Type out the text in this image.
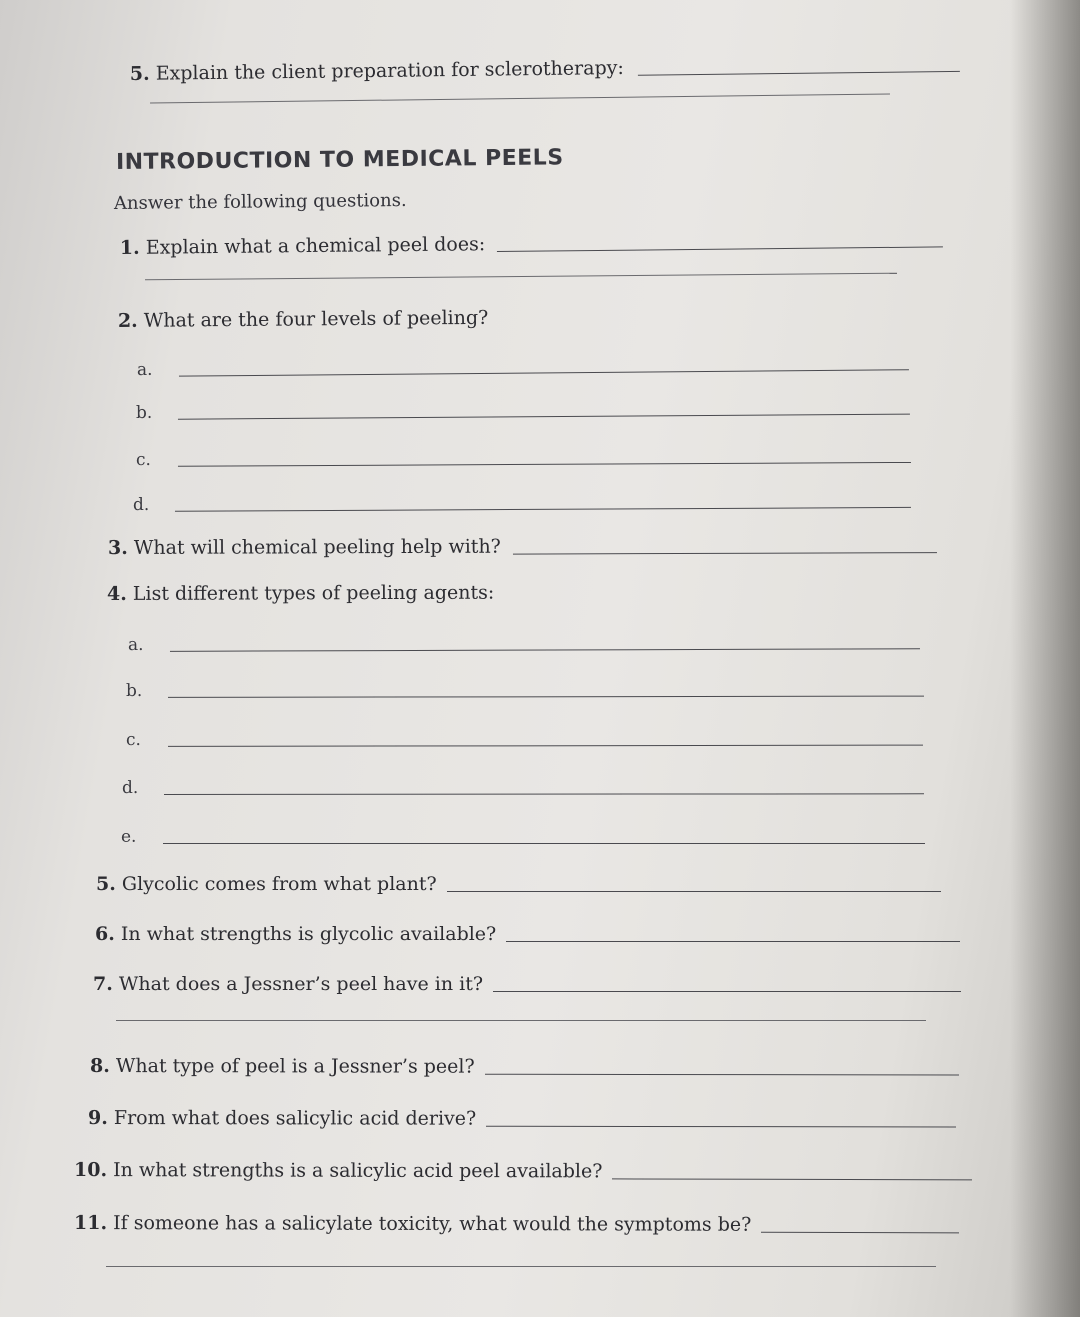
5. Explain the client preparation for sclerotherapy:
INTRODUCTION TO MEDICAL PEELS
Answer the following questions.
1. Explain what a chemical peel does:
2. What are the four levels of peeling?
a.
b.
c.
d.
3. What will chemical peeling help with?
4. List different types of peeling agents:
a.
b.
c.
d.
e.
5. Glycolic comes from what plant?
6. In what strengths is glycolic available?
7. What does a Jessner’s peel have in it?
8. What type of peel is a Jessner’s peel?
9. From what does salicylic acid derive?
10. In what strengths is a salicylic acid peel available?
11. If someone has a salicylate toxicity, what would the symptoms be?
